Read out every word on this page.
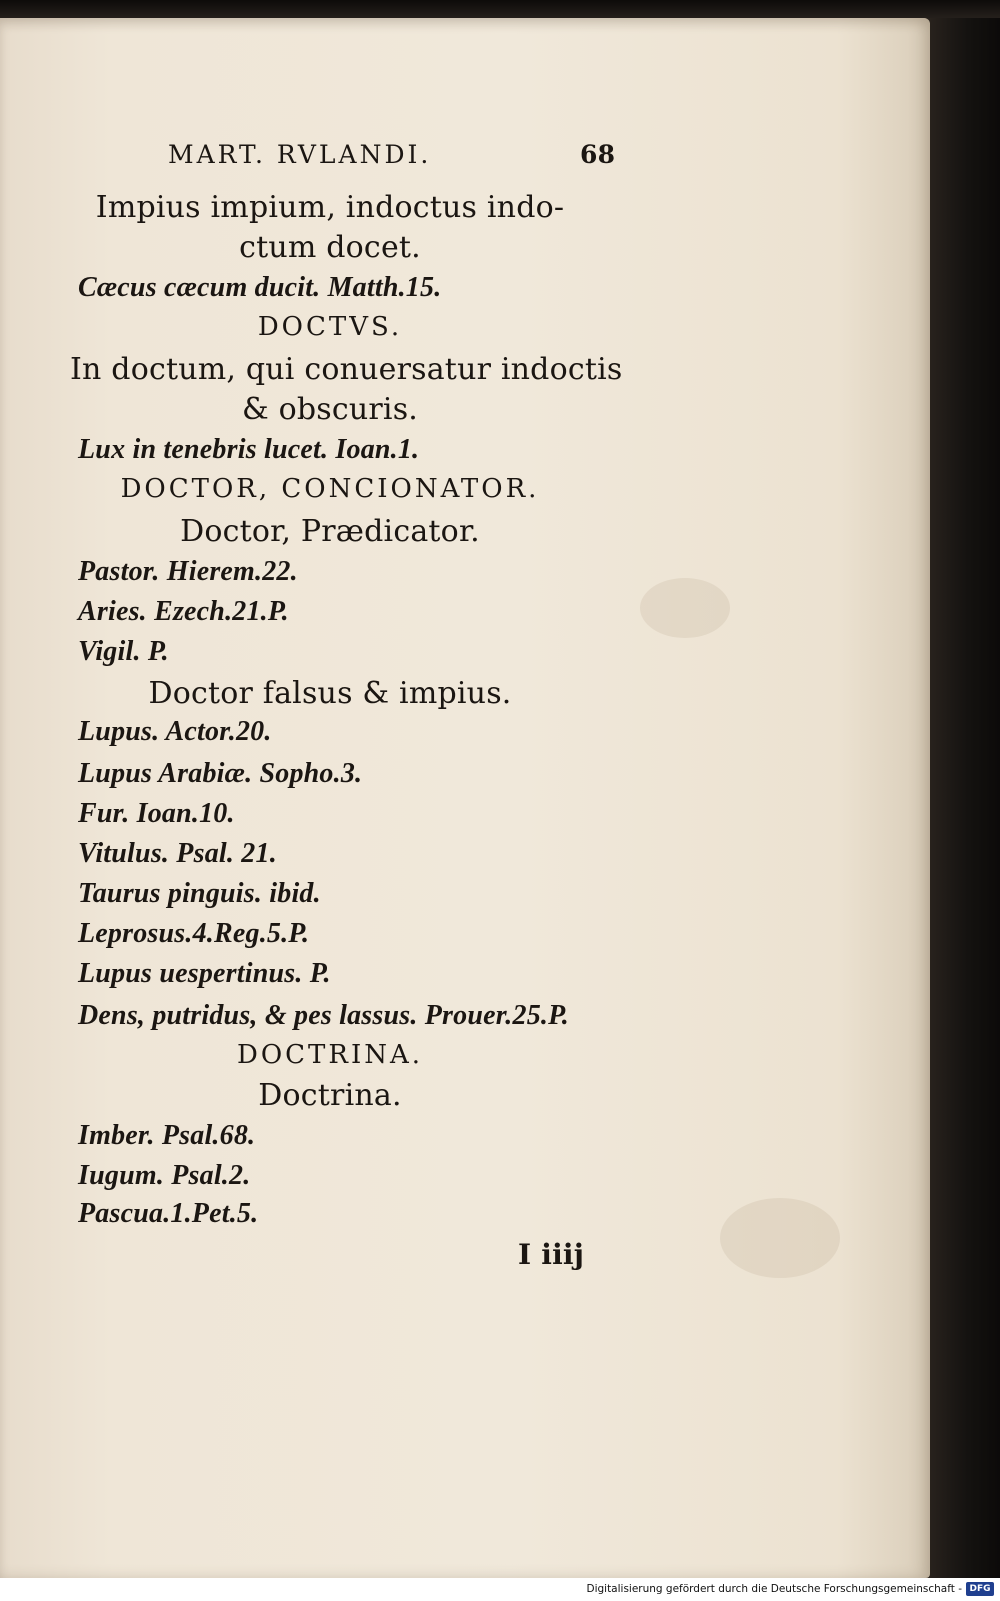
MART. RVLANDI.	68
Impius impium, indoctus indo-
ctum docet.
Cæcus cæcum ducit. Matth.15.
DOCTVS.
In doctum, qui conuersatur indoctis
& obscuris.
Lux in tenebris lucet. Ioan.1.
DOCTOR, CONCIONATOR.
Doctor, Prædicator.
Pastor. Hierem.22.
Aries. Ezech.21.P.
Vigil. P.
Doctor falsus & impius.
Lupus. Actor.20.
Lupus Arabiæ. Sopho.3.
Fur. Ioan.10.
Vitulus. Psal. 21.
Taurus pinguis. ibid.
Leprosus.4.Reg.5.P.
Lupus uespertinus. P.
Dens, putridus, & pes lassus. Prouer.25.P.
DOCTRINA.
Doctrina.
Imber. Psal.68.
Iugum. Psal.2.
Pascua.1.Pet.5.
I iiij
Digitalisierung gefördert durch die Deutsche Forschungsgemeinschaft - DFG
